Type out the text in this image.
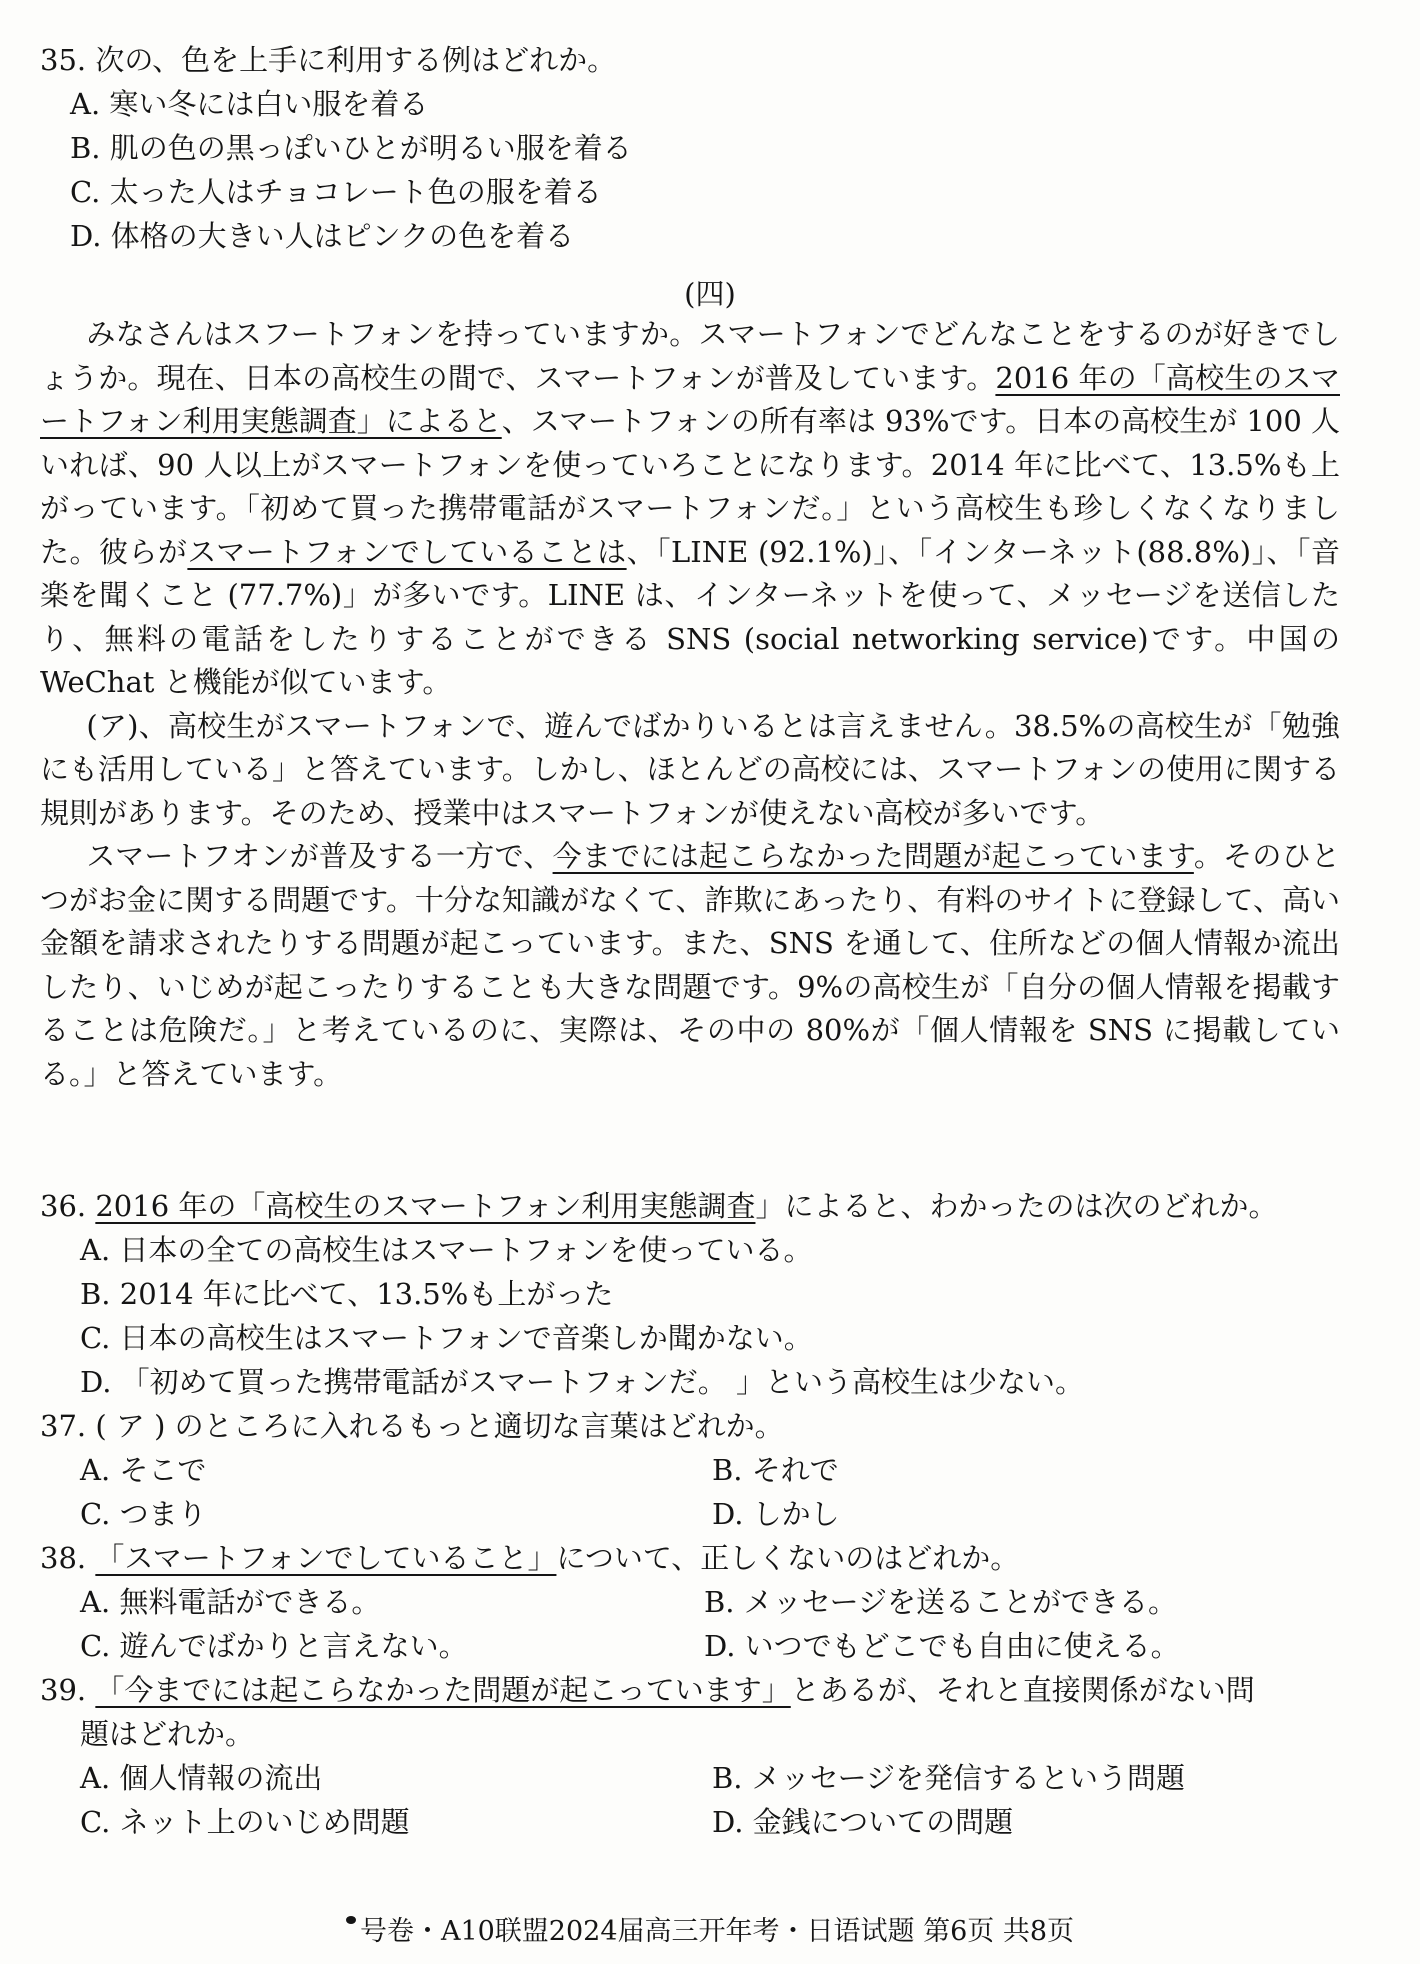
35. 次の、色を上手に利用する例はどれか。
A. 寒い冬には白い服を着る
B. 肌の色の黒っぽいひとが明るい服を着る
C. 太った人はチョコレート色の服を着る
D. 体格の大きい人はピンクの色を着る
(四)

みなさんはスフートフォンを持っていますか。スマートフォンでどんなことをするのが好きでしょうか。現在、日本の高校生の間で、スマートフォンが普及しています。2016 年の「高校生のスマートフォン利用実態調査」によると、スマートフォンの所有率は 93%です。日本の高校生が 100 人いれば、90 人以上がスマートフォンを使っていろことになります。2014 年に比べて、13.5%も上がっています。「初めて買った携帯電話がスマートフォンだ。」という高校生も珍しくなくなりました。彼らがスマートフォンでしていることは、「LINE (92.1%)」、「インターネット(88.8%)」、「音楽を聞くこと (77.7%)」が多いです。LINE は、インターネットを使って、メッセージを送信したり、無料の電話をしたりすることができる SNS (social networking service)です。中国の WeChat と機能が似ています。

(ア)、高校生がスマートフォンで、遊んでばかりいるとは言えません。38.5%の高校生が「勉強にも活用している」と答えています。しかし、ほとんどの高校には、スマートフォンの使用に関する規則があります。そのため、授業中はスマートフォンが使えない高校が多いです。

スマートフオンが普及する一方で、今までには起こらなかった問題が起こっています。そのひとつがお金に関する問題です。十分な知識がなくて、詐欺にあったり、有料のサイトに登録して、高い金額を請求されたりする問題が起こっています。また、SNS を通して、住所などの個人情報か流出したり、いじめが起こったりすることも大きな問題です。9%の高校生が「自分の個人情報を掲載することは危険だ。」と考えているのに、実際は、その中の 80%が「個人情報を SNS に掲載している。」と答えています。

36. 2016 年の「高校生のスマートフォン利用実態調査」によると、わかったのは次のどれか。
A. 日本の全ての高校生はスマートフォンを使っている。
B. 2014 年に比べて、13.5%も上がった
C. 日本の高校生はスマートフォンで音楽しか聞かない。
D. 「初めて買った携帯電話がスマートフォンだ。 」という高校生は少ない。
37. ( ア ) のところに入れるもっと適切な言葉はどれか。
A. そこで	B. それで
C. つまり	D. しかし
38. 「スマートフォンでしていること」について、正しくないのはどれか。
A. 無料電話ができる。	B. メッセージを送ることができる。
C. 遊んでばかりと言えない。	D. いつでもどこでも自由に使える。
39. 「今までには起こらなかった問題が起こっています」とあるが、それと直接関係がない問
題はどれか。
A. 個人情報の流出	B. メッセージを発信するという問題
C. ネット上のいじめ問題	D. 金銭についての問題
号卷・A10联盟2024届高三开年考・日语试题 第6页 共8页
